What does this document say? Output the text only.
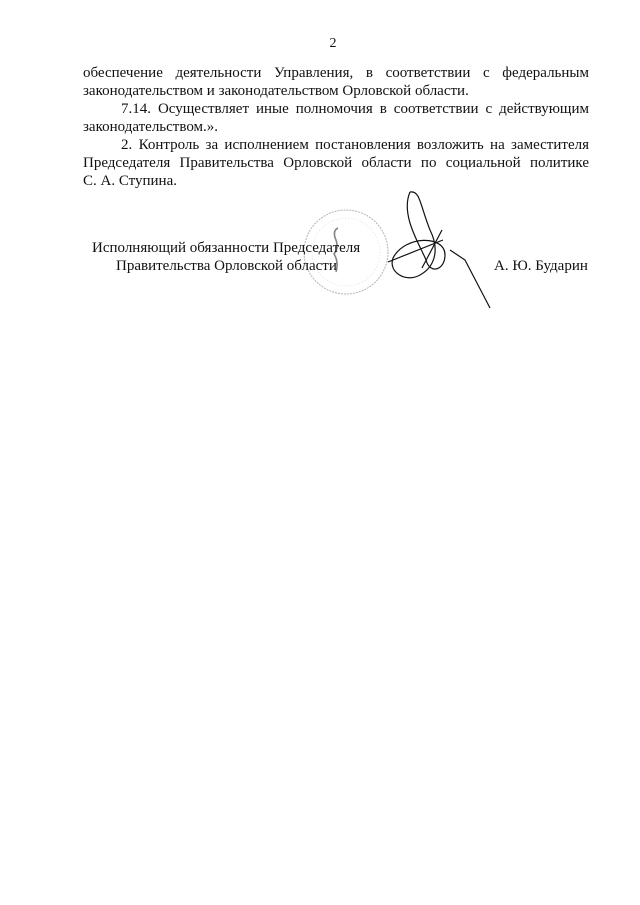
2

обеспечение деятельности Управления, в соответствии с федеральным

законодательством и законодательством Орловской области.

7.14. Осуществляет иные полномочия в соответствии с действующим

законодательством.».

2. Контроль за исполнением постановления возложить на заместителя

Председателя Правительства Орловской области по социальной политике

С. А. Ступина.

Исполняющий обязанности Председателя
Правительства Орловской области	А. Ю. Бударин
